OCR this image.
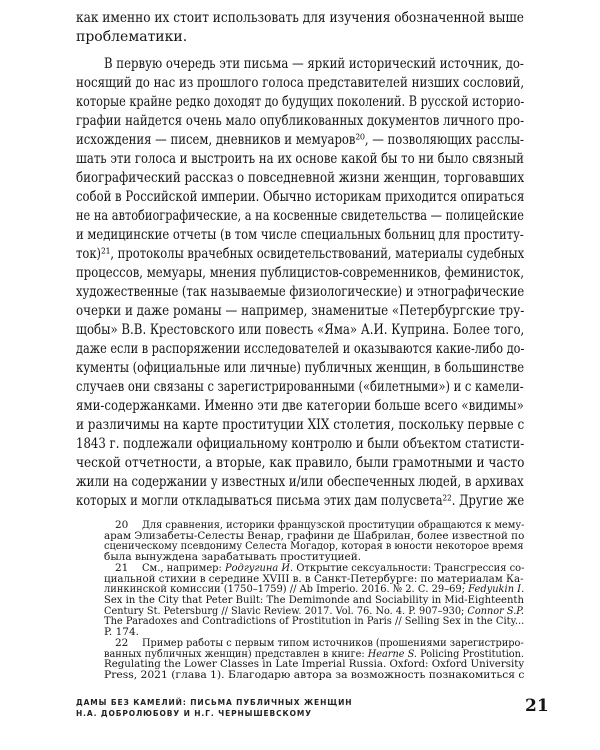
как именно их стоит использовать для изучения обозначенной выше
проблематики.
В первую очередь эти письма — яркий исторический источник, до-
носящий до нас из прошлого голоса представителей низших сословий,
которые крайне редко доходят до будущих поколений. В русской историо-
графии найдется очень мало опубликованных документов личного про-
исхождения — писем, дневников и мемуаров²⁰, — позволяющих расслы-
шать эти голоса и выстроить на их основе какой бы то ни было связный
биографический рассказ о повседневной жизни женщин, торговавших
собой в Российской империи. Обычно историкам приходится опираться
не на автобиографические, а на косвенные свидетельства — полицейские
и медицинские отчеты (в том числе специальных больниц для проститу-
ток)²¹, протоколы врачебных освидетельствований, материалы судебных
процессов, мемуары, мнения публицистов-современников, феминисток,
художественные (так называемые физиологические) и этнографические
очерки и даже романы — например, знаменитые «Петербургские тру-
щобы» В.В. Крестовского или повесть «Яма» А.И. Куприна. Более того,
даже если в распоряжении исследователей и оказываются какие-либо до-
кументы (официальные или личные) публичных женщин, в большинстве
случаев они связаны с зарегистрированными («билетными») и с камели-
ями-содержанками. Именно эти две категории больше всего «видимы»
и различимы на карте проституции XIX столетия, поскольку первые с
1843 г. подлежали официальному контролю и были объектом статисти-
ческой отчетности, а вторые, как правило, были грамотными и часто
жили на содержании у известных и/или обеспеченных людей, в архивах
которых и могли откладываться письма этих дам полусвета²². Другие же
20 Для сравнения, историки французской проституции обращаются к мему-
арам Элизабеты-Селесты Венар, графини де Шабрилан, более известной по
сценическому псевдониму Селеста Могадор, которая в юности некоторое время
была вынуждена зарабатывать проституцией.
21 См., например: Родгугина И. Открытие сексуальности: Трансгрессия со-
циальной стихии в середине XVIII в. в Санкт-Петербурге: по материалам Ка-
линкинской комиссии (1750–1759) // Ab Imperio. 2016. № 2. С. 29–69; Fedyukin I.
Sex in the City that Peter Built: The Demimonde and Sociability in Mid-Eighteenth
Century St. Petersburg // Slavic Review. 2017. Vol. 76. No. 4. P. 907–930; Connor S.P.
The Paradoxes and Contradictions of Prostitution in Paris // Selling Sex in the City...
P. 174.
22 Пример работы с первым типом источников (прошениями зарегистриро-
ванных публичных женщин) представлен в книге: Hearne S. Policing Prostitution.
Regulating the Lower Classes in Late Imperial Russia. Oxford: Oxford University
Press, 2021 (глава 1). Благодарю автора за возможность познакомиться с
ДАМЫ БЕЗ КАМЕЛИЙ: ПИСЬМА ПУБЛИЧНЫХ ЖЕНЩИН
Н.А. ДОБРОЛЮБОВУ И Н.Г. ЧЕРНЫШЕВСКОМУ	21
